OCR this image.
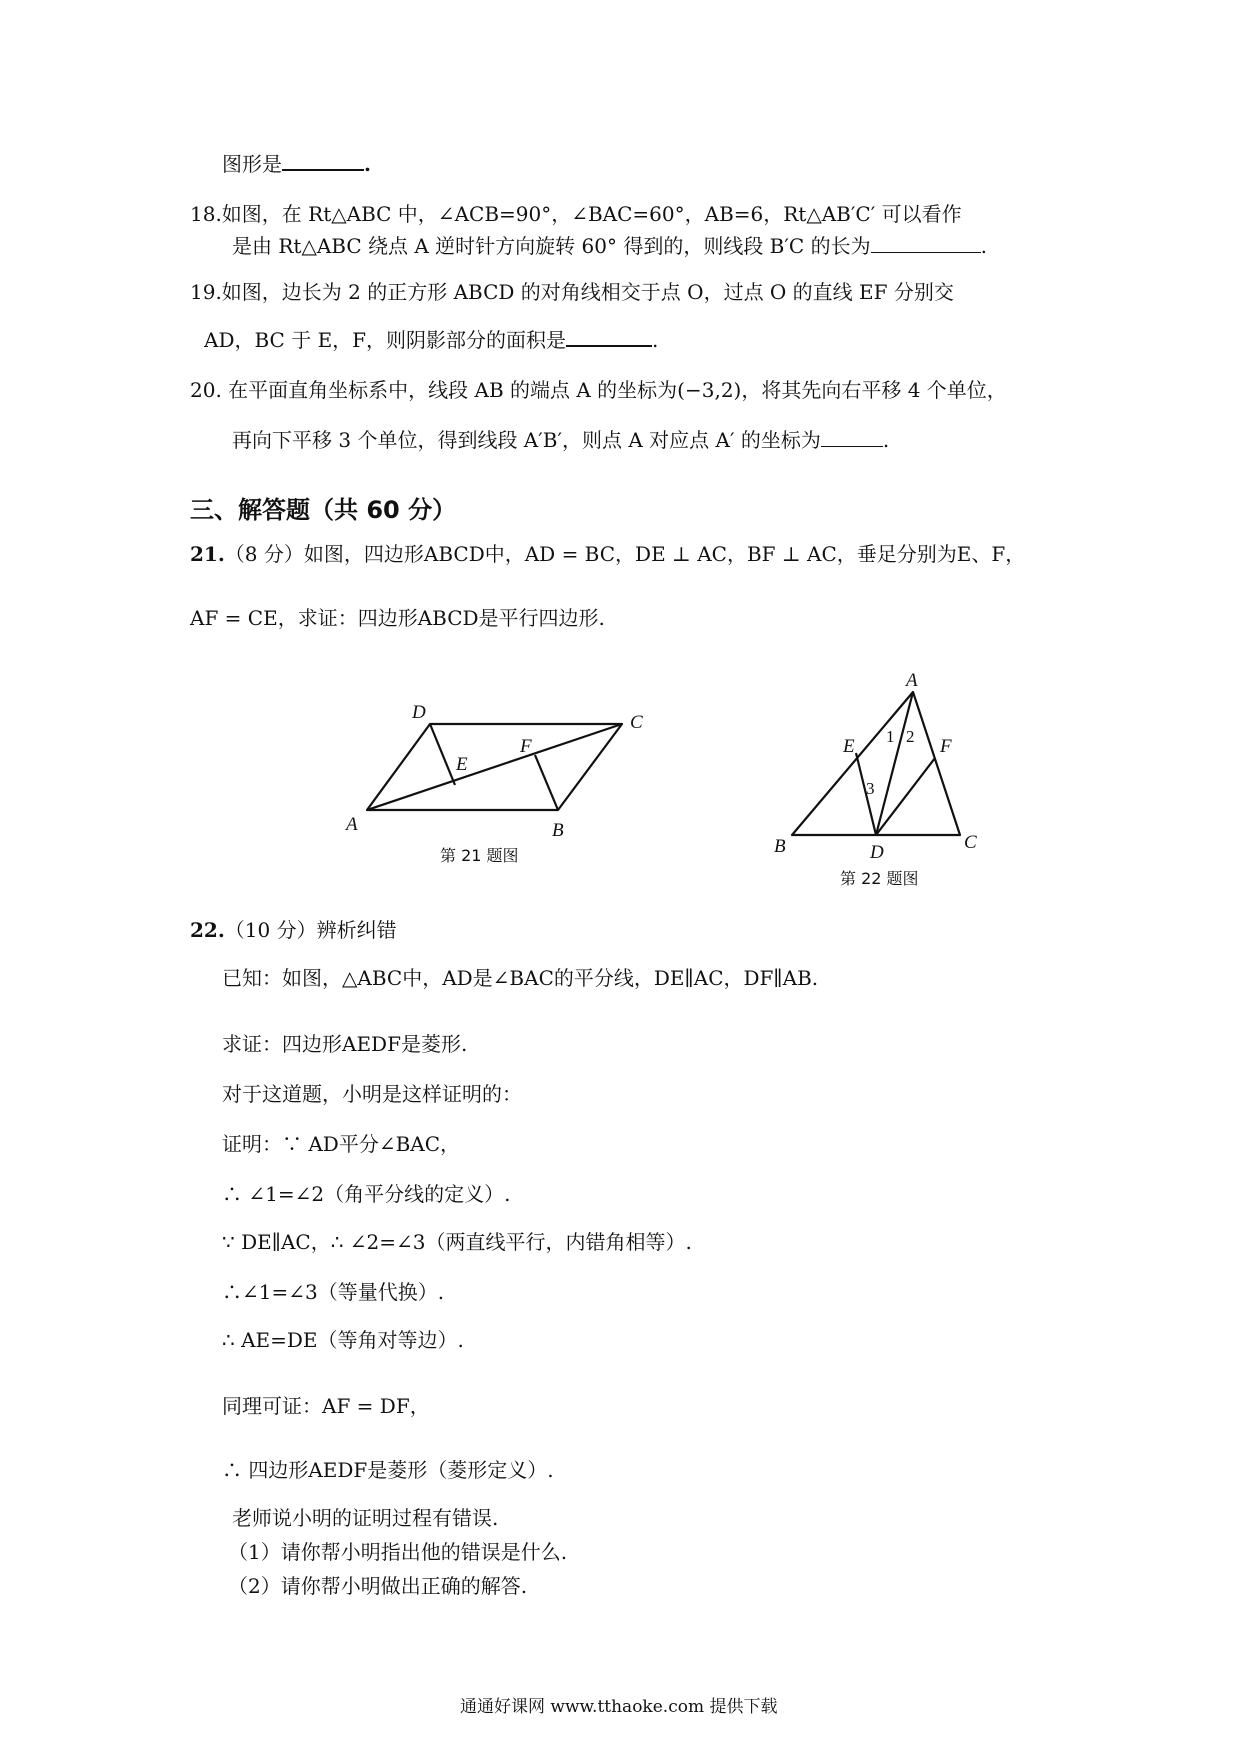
图形是	.
18.如图，在 Rt△ABC 中，∠ACB=90°，∠BAC=60°，AB=6，Rt△AB′C′ 可以看作
是由 Rt△ABC 绕点 A 逆时针方向旋转 60° 得到的，则线段 B′C 的长为	.
19.如图，边长为 2 的正方形 ABCD 的对角线相交于点 O，过点 O 的直线 EF 分别交
AD，BC 于 E，F，则阴影部分的面积是	.
20. 在平面直角坐标系中，线段 AB 的端点 A 的坐标为(−3,2)，将其先向右平移 4 个单位，
再向下平移 3 个单位，得到线段 A′B′，则点 A 对应点 A′ 的坐标为	.
三、解答题（共 60 分）
21.（8 分）如图，四边形ABCD中，AD = BC，DE ⊥ AC，BF ⊥ AC，垂足分别为E、F，
AF = CE，求证：四边形ABCD是平行四边形.
A	B
C
D
E
F
第 21 题图
A
B	C
D
E	F
1 2
3
第 22 题图
22.（10 分）辨析纠错
已知：如图，△ABC中，AD是∠BAC的平分线，DE∥AC，DF∥AB.
求证：四边形AEDF是菱形.
对于这道题，小明是这样证明的：
证明：∵ AD平分∠BAC，
∴ ∠1=∠2（角平分线的定义）.
∵ DE∥AC，∴ ∠2=∠3（两直线平行，内错角相等）.
∴∠1=∠3（等量代换）.
∴ AE=DE（等角对等边）.
同理可证：AF = DF，
∴ 四边形AEDF是菱形（菱形定义）.
老师说小明的证明过程有错误.
（1）请你帮小明指出他的错误是什么.
（2）请你帮小明做出正确的解答.
通通好课网 www.tthaoke.com 提供下载
